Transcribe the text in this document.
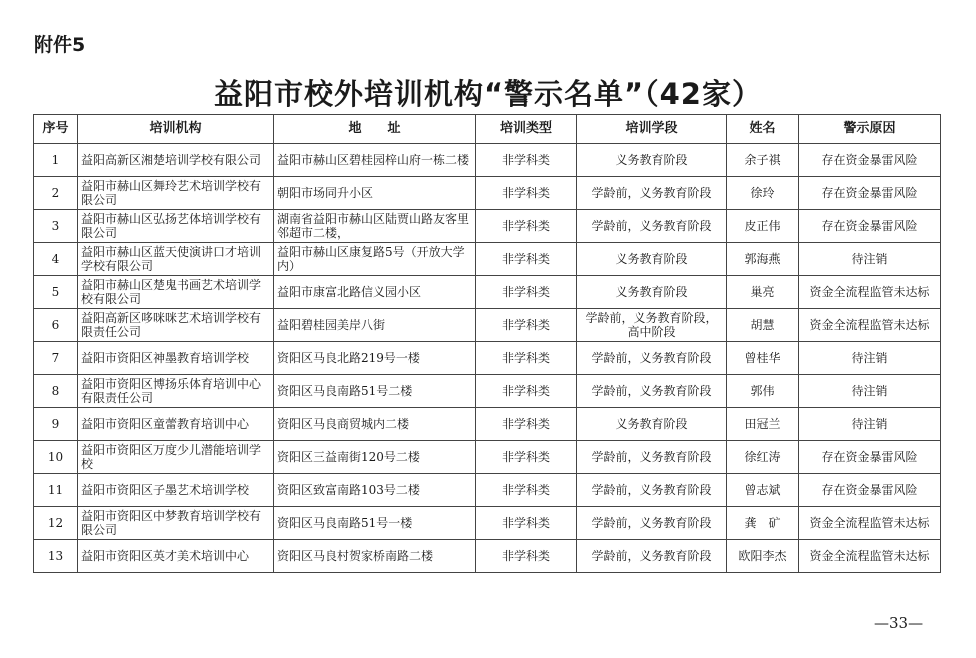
附件5
益阳市校外培训机构“警示名单”（42家）
序号	培训机构	地　　址	培训类型	培训学段	姓名	警示原因
1	益阳高新区湘楚培训学校有限公司	益阳市赫山区碧桂园梓山府一栋二楼	非学科类	义务教育阶段	余子祺	存在资金暴雷风险
2	益阳市赫山区舞玲艺术培训学校有限公司	朝阳市场同升小区	非学科类	学龄前，义务教育阶段	徐玲	存在资金暴雷风险
3	益阳市赫山区弘扬艺体培训学校有限公司	湖南省益阳市赫山区陆贾山路友客里邻超市二楼，	非学科类	学龄前，义务教育阶段	皮正伟	存在资金暴雷风险
4	益阳市赫山区蓝天使演讲口才培训学校有限公司	益阳市赫山区康复路5号（开放大学内）	非学科类	义务教育阶段	郭海燕	待注销
5	益阳市赫山区楚鬼书画艺术培训学校有限公司	益阳市康富北路信义园小区	非学科类	义务教育阶段	巢亮	资金全流程监管未达标
6	益阳高新区哆咪咪艺术培训学校有限责任公司	益阳碧桂园美岸八街	非学科类	学龄前，义务教育阶段，高中阶段	胡慧	资金全流程监管未达标
7	益阳市资阳区神墨教育培训学校	资阳区马良北路219号一楼	非学科类	学龄前，义务教育阶段	曾桂华	待注销
8	益阳市资阳区博扬乐体育培训中心有限责任公司	资阳区马良南路51号二楼	非学科类	学龄前，义务教育阶段	郭伟	待注销
9	益阳市资阳区童蕾教育培训中心	资阳区马良商贸城内二楼	非学科类	义务教育阶段	田冠兰	待注销
10	益阳市资阳区万度少儿潜能培训学校	资阳区三益南街120号二楼	非学科类	学龄前，义务教育阶段	徐红涛	存在资金暴雷风险
11	益阳市资阳区子墨艺术培训学校	资阳区致富南路103号二楼	非学科类	学龄前，义务教育阶段	曾志斌	存在资金暴雷风险
12	益阳市资阳区中梦教育培训学校有限公司	资阳区马良南路51号一楼	非学科类	学龄前，义务教育阶段	龚　矿	资金全流程监管未达标
13	益阳市资阳区英才美术培训中心	资阳区马良村贺家桥南路二楼	非学科类	学龄前，义务教育阶段	欧阳李杰	资金全流程监管未达标
—33—
